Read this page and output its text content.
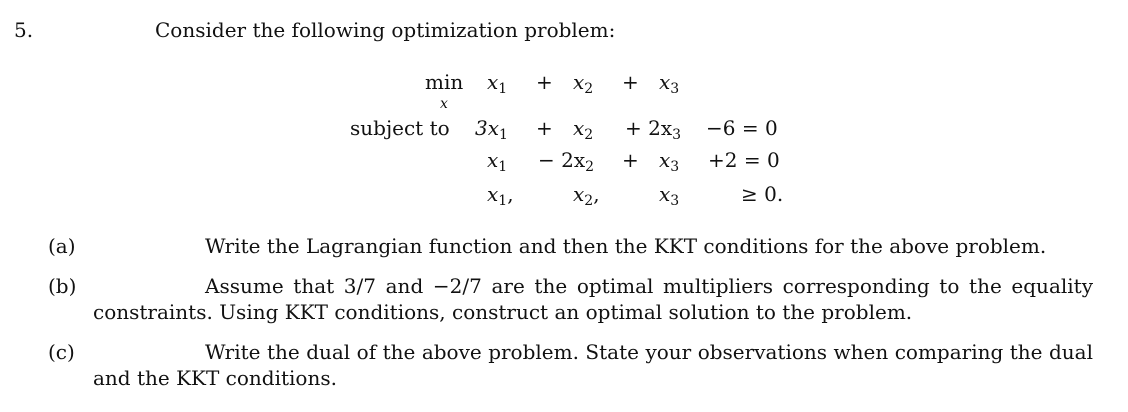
5.	Consider the following optimization problem:
min
x
$x_1 + x_2 + x_3$
subject to $3x_1 + x_2 + 2x_3 -6 = 0$
$x_1 - 2x_2 + x_3 +2 = 0$
$x_1$,	$x_2$,	$x_3$	≥ 0.
(a)	Write the Lagrangian function and then the KKT conditions for the above problem.
(b)	Assume that 3/7 and −2/7 are the optimal multipliers corresponding to the equality
constraints. Using KKT conditions, construct an optimal solution to the problem.
(c)	Write the dual of the above problem. State your observations when comparing the dual
and the KKT conditions.
